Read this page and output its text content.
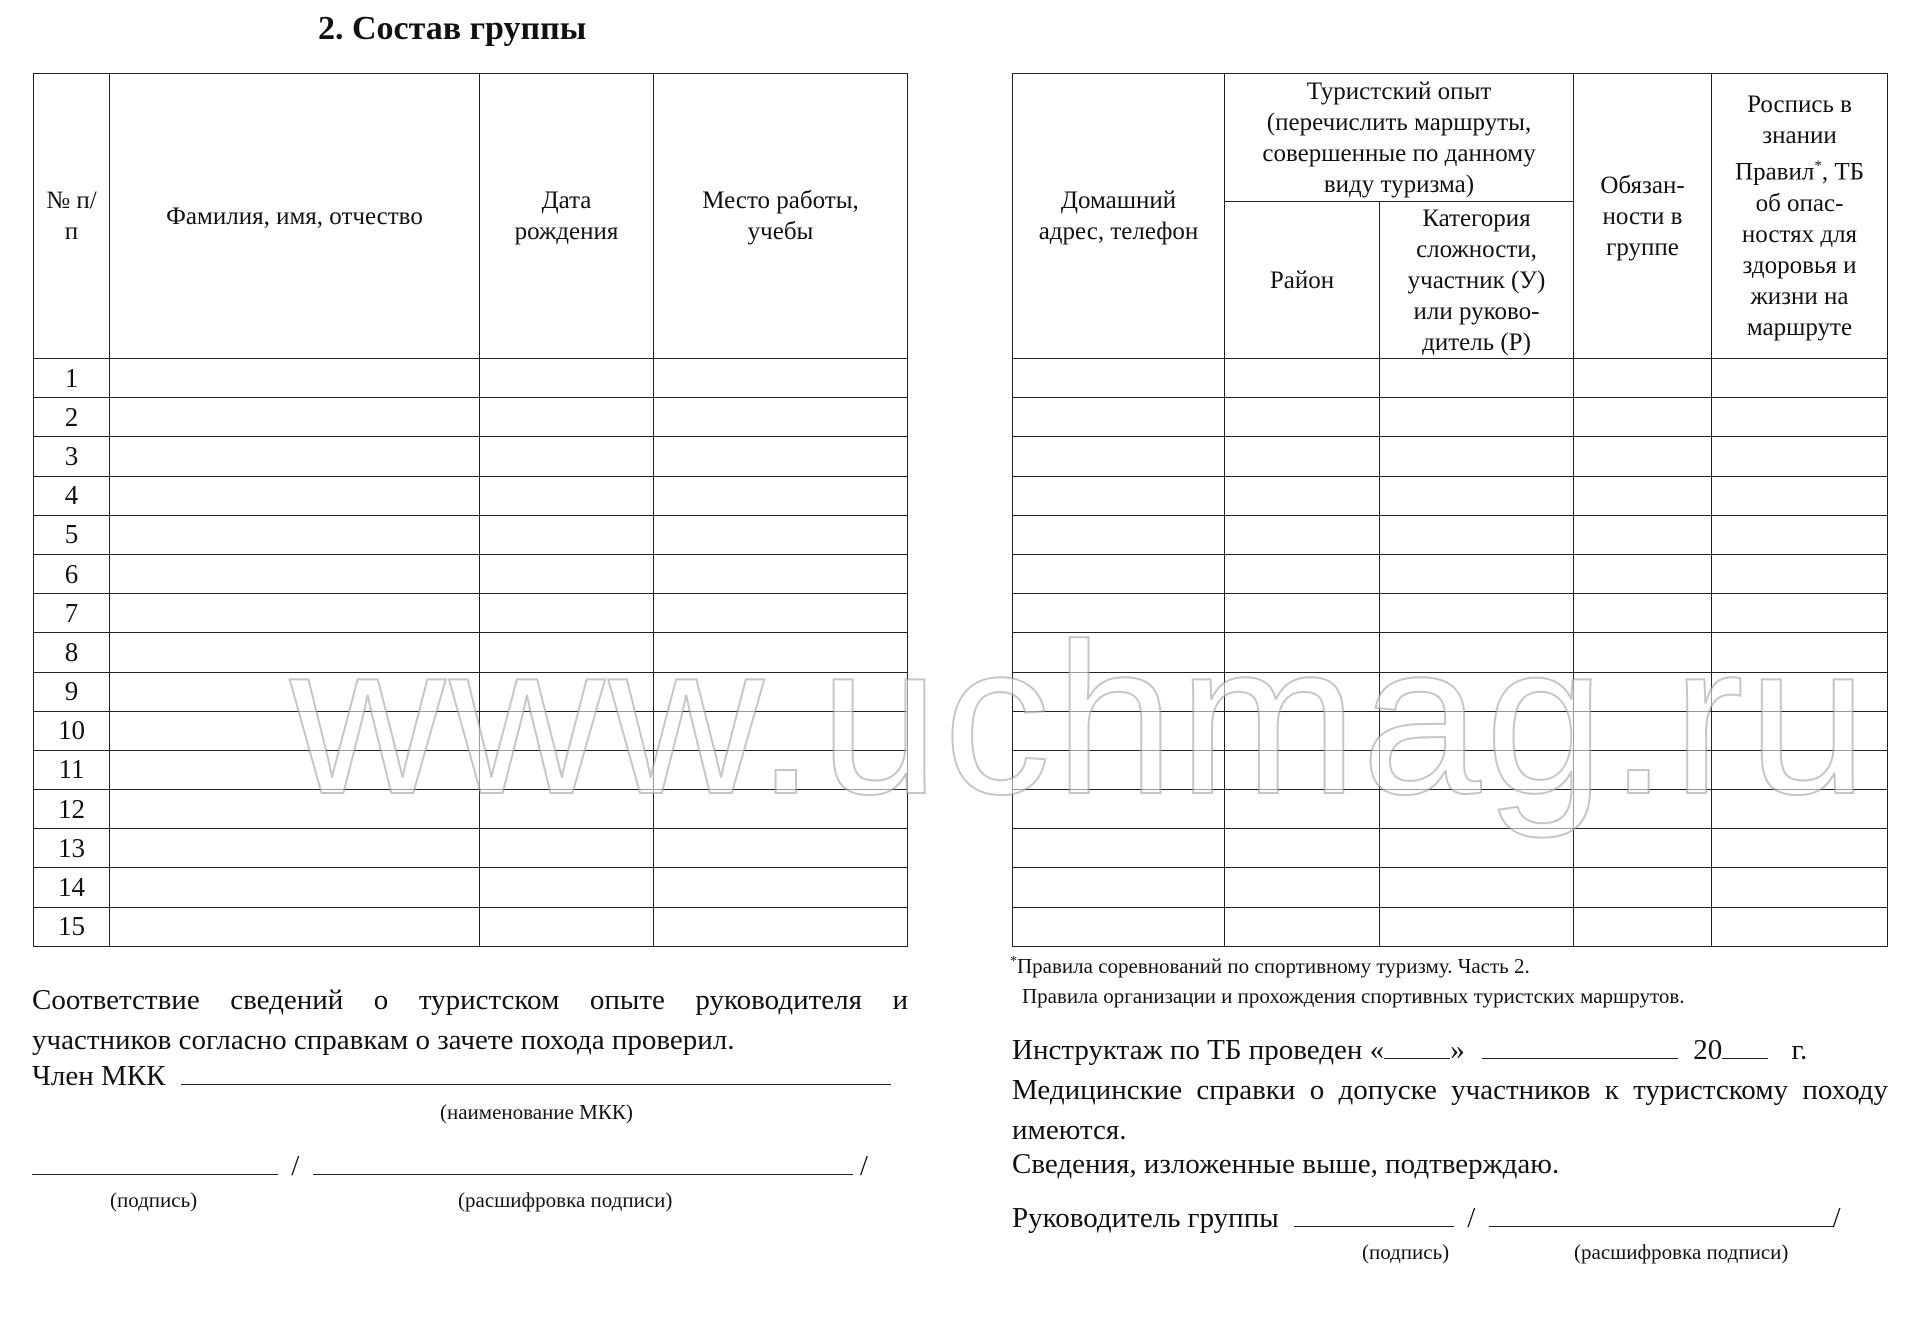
2. Состав группы
№ п/п	Фамилия, имя, отчество	Дата рождения	Место работы, учебы
1			
2			
3			
4			
5			
6			
7			
8			
9			
10			
11			
12			
13			
14			
15			
Домашний адрес, телефон	Туристский опыт (перечислить маршруты, совершенные по данному виду туризма)		Обязан-ности в группе	Роспись в знании Правил*, ТБ об опас-ностях для здоровья и жизни на маршруте
	Район	Категория сложности, участник (У) или руково-дитель (Р)		

*Правила соревнований по спортивному туризму. Часть 2.
Правила организации и прохождения спортивных туристских маршрутов.
Соответствие сведений о туристском опыте руководителя и участников согласно справкам о зачете похода проверил.
Член МКК
(наименование МКК)
/	/
(подпись)	(расшифровка подписи)
Инструктаж по ТБ проведен « »	20 г.
Медицинские справки о допуске участников к туристскому походу имеются.
Сведения, изложенные выше, подтверждаю.
Руководитель группы	/	/
(подпись)	(расшифровка подписи)
www.uchmag.ru
